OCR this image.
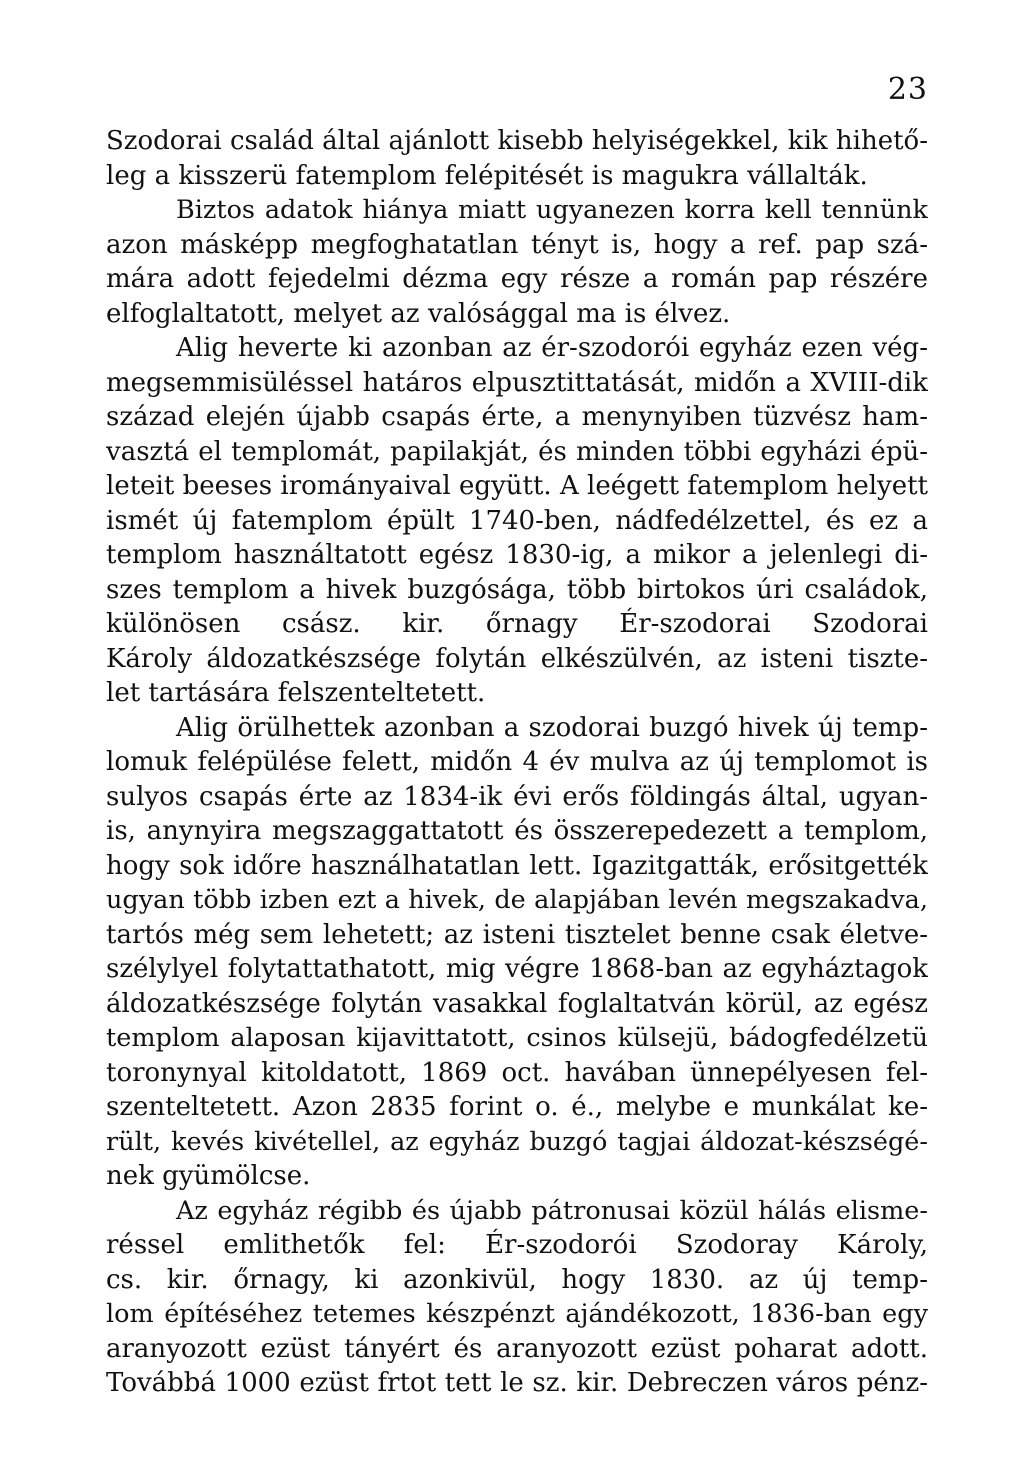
23
Szodorai család által ajánlott kisebb helyiségekkel, kik hihető-
leg a kisszerü fatemplom felépitését is magukra vállalták.
Biztos adatok hiánya miatt ugyanezen korra kell tennünk
azon másképp megfoghatatlan tényt is, hogy a ref. pap szá-
mára adott fejedelmi dézma egy része a román pap részére
elfoglaltatott, melyet az valósággal ma is élvez.
Alig heverte ki azonban az ér-szodorói egyház ezen vég-
megsemmisüléssel határos elpusztittatását, midőn a XVIII-dik
század elején újabb csapás érte, a menynyiben tüzvész ham-
vasztá el templomát, papilakját, és minden többi egyházi épü-
leteit beeses irományaival együtt. A leégett fatemplom helyett
ismét új fatemplom épült 1740-ben, nádfedélzettel, és ez a
templom használtatott egész 1830-ig, a mikor a jelenlegi di-
szes templom a hivek buzgósága, több birtokos úri családok,
különösen csász. kir. őrnagy Ér-szodorai Szodorai
Károly áldozatkészsége folytán elkészülvén, az isteni tiszte-
let tartására felszenteltetett.
Alig örülhettek azonban a szodorai buzgó hivek új temp-
lomuk felépülése felett, midőn 4 év mulva az új templomot is
sulyos csapás érte az 1834-ik évi erős földingás által, ugyan-
is, anynyira megszaggattatott és összerepedezett a templom,
hogy sok időre használhatatlan lett. Igazitgatták, erősitgették
ugyan több izben ezt a hivek, de alapjában levén megszakadva,
tartós még sem lehetett; az isteni tisztelet benne csak életve-
szélylyel folytattathatott, mig végre 1868-ban az egyháztagok
áldozatkészsége folytán vasakkal foglaltatván körül, az egész
templom alaposan kijavittatott, csinos külsejü, bádogfedélzetü
toronynyal kitoldatott, 1869 oct. havában ünnepélyesen fel-
szenteltetett. Azon 2835 forint o. é., melybe e munkálat ke-
rült, kevés kivétellel, az egyház buzgó tagjai áldozat-készségé-
nek gyümölcse.
Az egyház régibb és újabb pátronusai közül hálás elisme-
réssel emlithetők fel: Ér-szodorói Szodoray Károly,
cs. kir. őrnagy, ki azonkivül, hogy 1830. az új temp-
lom építéséhez tetemes készpénzt ajándékozott, 1836-ban egy
aranyozott ezüst tányért és aranyozott ezüst poharat adott.
Továbbá 1000 ezüst frtot tett le sz. kir. Debreczen város pénz-
